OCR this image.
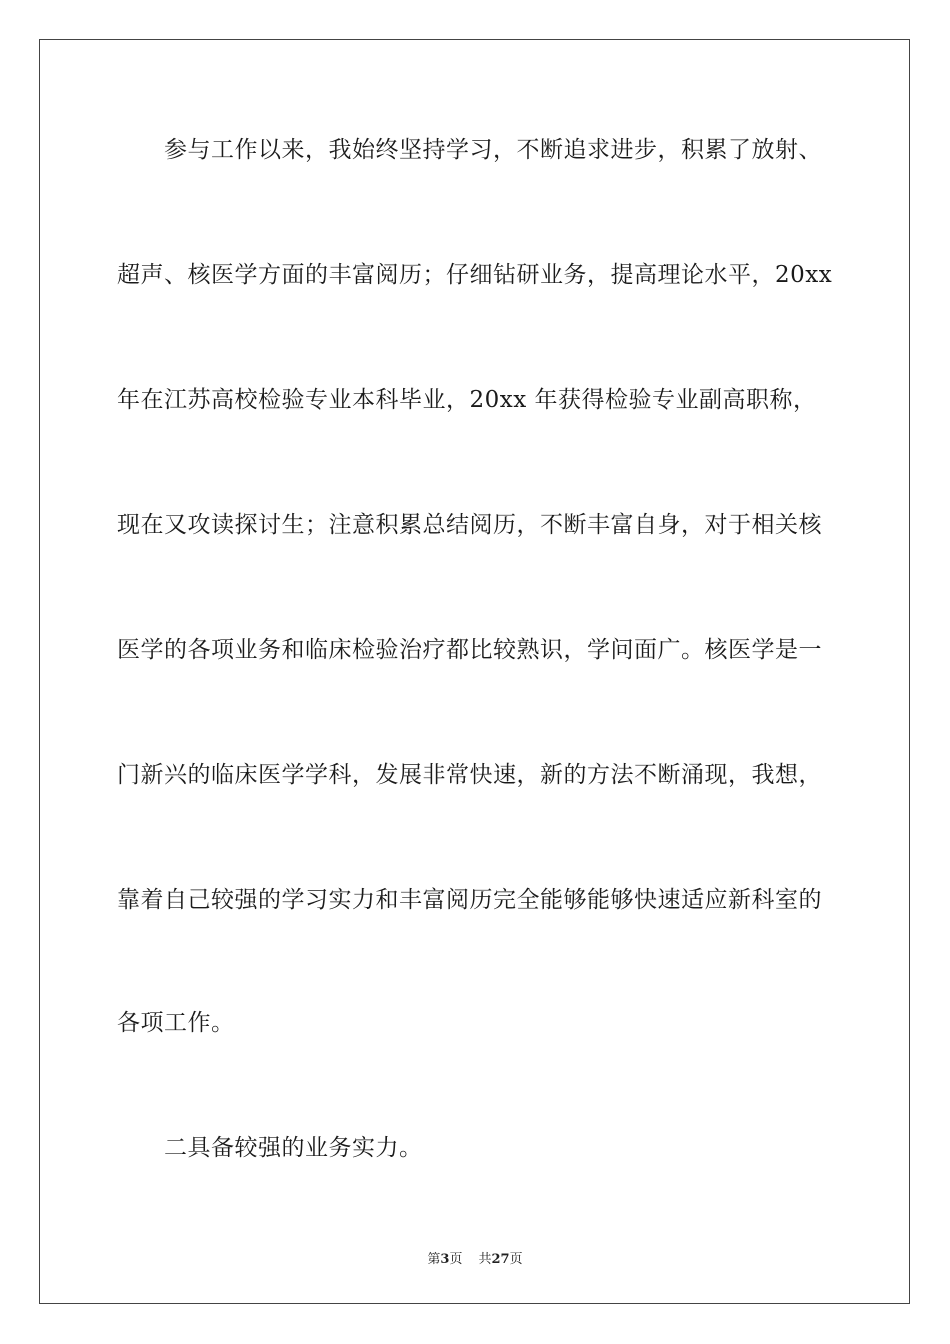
参与工作以来，我始终坚持学习，不断追求进步，积累了放射、
超声、核医学方面的丰富阅历；仔细钻研业务，提高理论水平，20xx
年在江苏高校检验专业本科毕业，20xx 年获得检验专业副高职称，
现在又攻读探讨生；注意积累总结阅历，不断丰富自身，对于相关核
医学的各项业务和临床检验治疗都比较熟识，学问面广。核医学是一
门新兴的临床医学学科，发展非常快速，新的方法不断涌现，我想，
靠着自己较强的学习实力和丰富阅历完全能够能够快速适应新科室的
各项工作。
二具备较强的业务实力。
第3页 共27页
